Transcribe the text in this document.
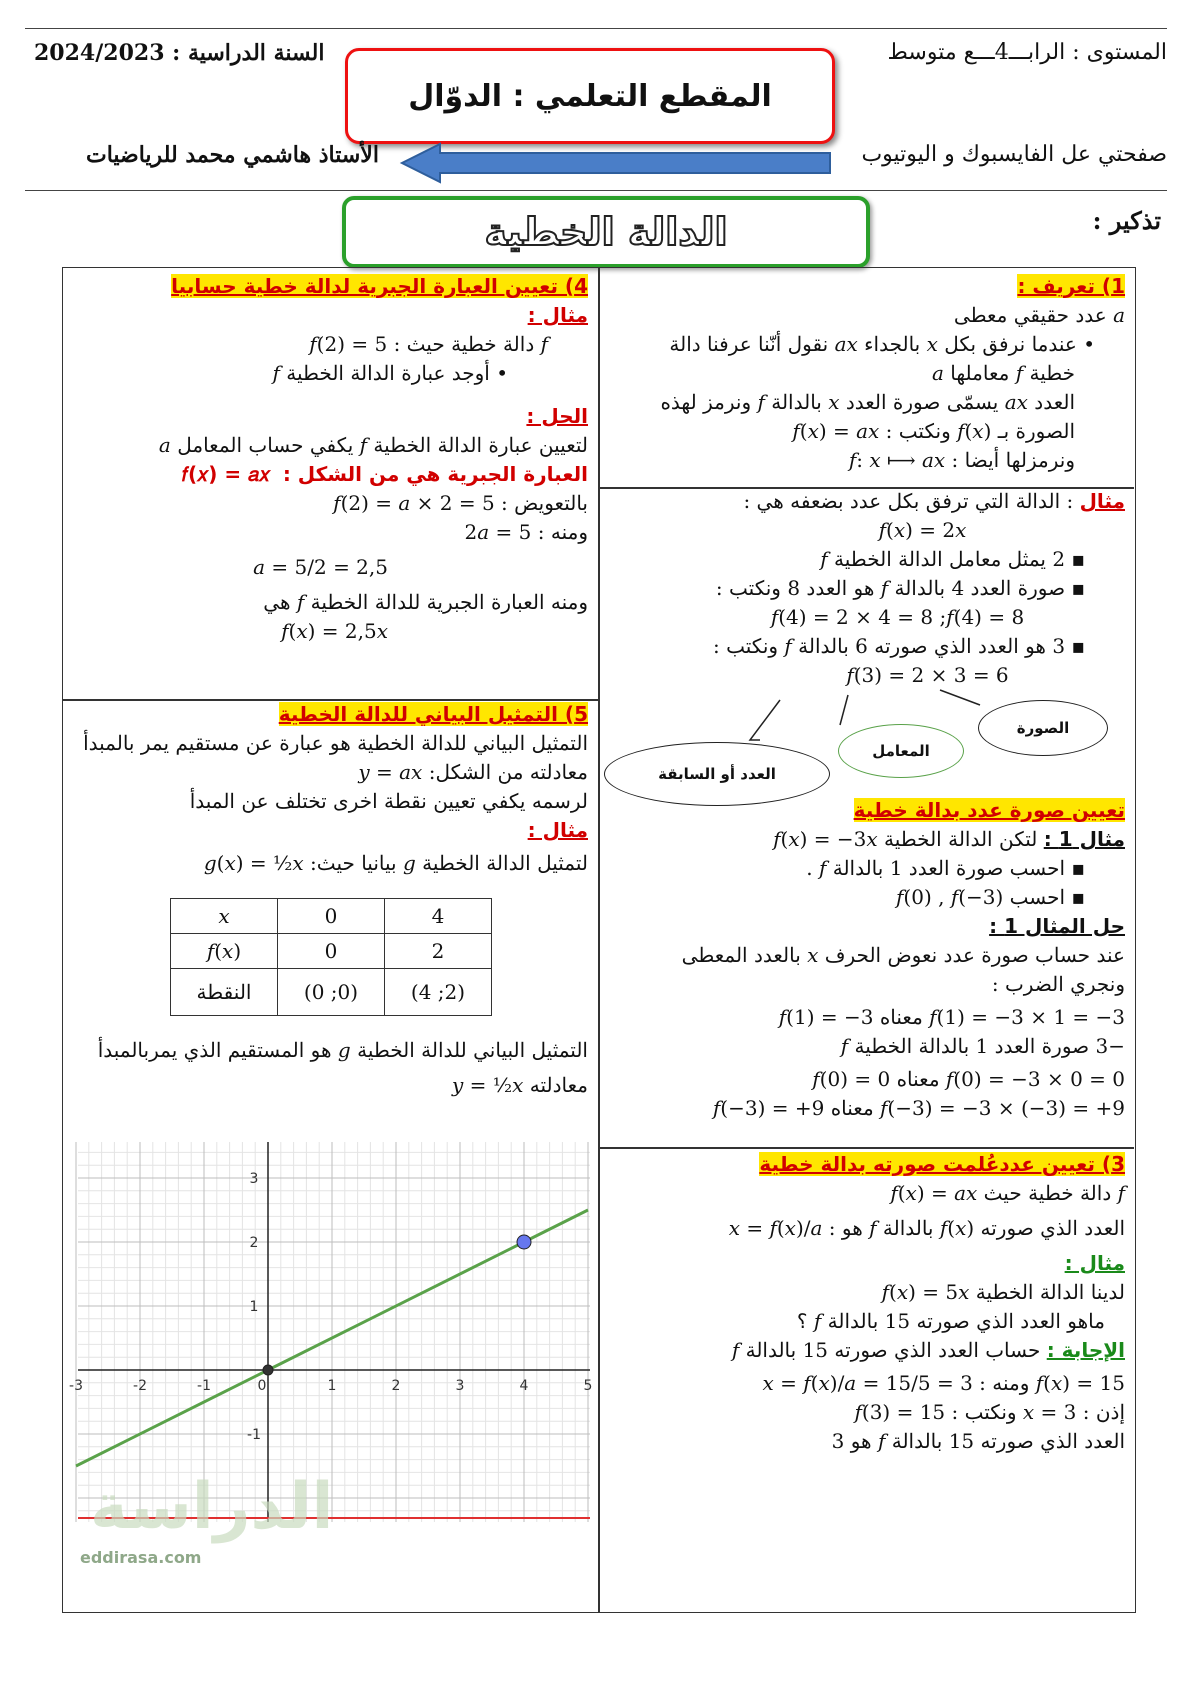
المستوى : الرابـــ4ـــع متوسط
السنة الدراسية : 2024/2023
المقطع التعلمي : الدوّال
صفحتي عل الفايسبوك و اليوتيوب
الأستاذ هاشمي محمد للرياضيات
تذكير :
الدالة الخطية
1) تعريف :
𝑎 عدد حقيقي معطى
• عندما نرفق بكل 𝑥 بالجداء 𝑎𝑥 نقول أنّنا عرفنا دالة
خطية 𝑓 معاملها 𝑎
العدد 𝑎𝑥 يسمّى صورة العدد 𝑥 بالدالة 𝑓 ونرمز لهذه
الصورة بـ 𝑓(𝑥) ونكتب : 𝑓(𝑥) = 𝑎𝑥
ونرمزلها أيضا : 𝑓: 𝑥 ⟼ 𝑎𝑥
مثال : الدالة التي ترفق بكل عدد بضعفه هي :
𝑓(𝑥) = 2𝑥
▪ 2 يمثل معامل الدالة الخطية 𝑓
▪ صورة العدد 4 بالدالة 𝑓 هو العدد 8 ونكتب :
𝑓(4) = 2 × 4 = 8 ;𝑓(4) = 8
▪ 3 هو العدد الذي صورته 6 بالدالة 𝑓 ونكتب :
𝑓(3) = 2 × 3 = 6
الصورة
المعامل
العدد أو السابقة
تعيين صورة عدد بدالة خطية
مثال 1 : لتكن الدالة الخطية 𝑓(𝑥) = −3𝑥
▪ احسب صورة العدد 1 بالدالة 𝑓 .
▪ احسب 𝑓(0) , 𝑓(−3)
حل المثال 1 :
عند حساب صورة عدد نعوض الحرف 𝑥 بالعدد المعطى
ونجري الضرب :
𝑓(1) = −3 × 1 = −3 معناه 𝑓(1) = −3
−3 صورة العدد 1 بالدالة الخطية 𝑓
𝑓(0) = −3 × 0 = 0 معناه 𝑓(0) = 0
𝑓(−3) = −3 × (−3) = +9 معناه 𝑓(−3) = +9
3) تعيين عددعُلمت صورته بدالة خطية
𝑓 دالة خطية حيث 𝑓(𝑥) = 𝑎𝑥
العدد الذي صورته 𝑓(𝑥) بالدالة 𝑓 هو : 𝑥 = 𝑓(𝑥)/𝑎
مثال :
لدينا الدالة الخطية 𝑓(𝑥) = 5𝑥
ماهو العدد الذي صورته 15 بالدالة 𝑓 ؟
الإجابة : حساب العدد الذي صورته 15 بالدالة 𝑓
𝑓(𝑥) = 15 ومنه : 𝑥 = 𝑓(𝑥)/𝑎 = 15/5 = 3
إذن : 𝑥 = 3 ونكتب : 𝑓(3) = 15
العدد الذي صورته 15 بالدالة 𝑓 هو 3
4) تعيين العبارة الجبرية لدالة خطية حسابيا
مثال :
𝑓 دالة خطية حيث : 𝑓(2) = 5
• أوجد عبارة الدالة الخطية 𝑓
الحل :
لتعيين عبارة الدالة الخطية 𝑓 يكفي حساب المعامل 𝑎
العبارة الجبرية هي من الشكل :  𝑓(𝑥) = 𝑎𝑥
بالتعويض : 𝑓(2) = 𝑎 × 2 = 5
ومنه : 2𝑎 = 5
𝑎 = 5/2 = 2,5
ومنه العبارة الجبرية للدالة الخطية 𝑓 هي
𝑓(𝑥) = 2,5𝑥
5) التمثيل البياني للدالة الخطية
التمثيل البياني للدالة الخطية هو عبارة عن مستقيم يمر بالمبدأ
معادلته من الشكل: 𝑦 = 𝑎𝑥
لرسمه يكفي تعيين نقطة اخرى تختلف عن المبدأ
مثال :
لتمثيل الدالة الخطية 𝑔 بيانيا حيث: 𝑔(𝑥) = ½𝑥
𝑥	0	4
𝑓(𝑥)	0	2
النقطة	(0 ;0)	(4 ;2)
التمثيل البياني للدالة الخطية 𝑔 هو المستقيم الذي يمربالمبدأ
معادلته 𝑦 = ½𝑥
-3	-2	-1	0	1	2	3	4	5
-1
1
2
3
الدراسة
eddirasa.com
